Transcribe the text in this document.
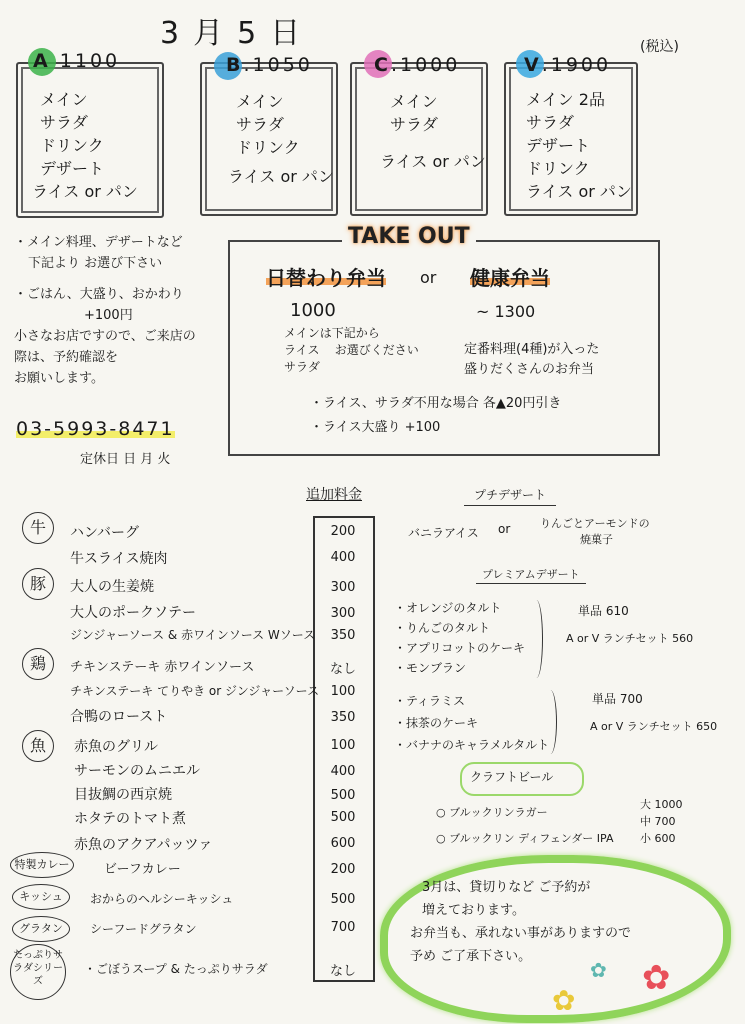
3月5日	(税込)
A 1100
メイン
サラダ
ドリンク
デザート
ライス or パン
B.1050
メイン
サラダ
ドリンク
ライス or パン
C.1000
メイン
サラダ
ライス or パン
V.1900
メイン 2品
サラダ
デザート
ドリンク
ライス or パン
・メイン料理、デザートなど
下記より お選び下さい
・ごはん、大盛り、おかわり
+100円
小さなお店ですので、ご来店の
際は、予約確認を
お願いします。
03-5993-8471
定休日 日 月 火
TAKE OUT
日替わり弁当 or 健康弁当
1000	~ 1300
メインは下記から
ライス お選びください
サラダ
定番料理(4種)が入った
盛りだくさんのお弁当
・ライス、サラダ不用な場合 各▲20円引き
・ライス大盛り +100
追加料金
牛
豚
鶏
魚
特製カレー
キッシュ
グラタン
たっぷりサラダシリーズ
ハンバーグ	200
牛スライス焼肉	400
大人の生姜焼	300
大人のポークソテー	300
ジンジャーソース & 赤ワインソース Wソース	350
チキンステーキ 赤ワインソース	なし
チキンステーキ てりやき or ジンジャーソース 100
合鴨のロースト	350
赤魚のグリル	100
サーモンのムニエル	400
目抜鯛の西京焼	500
ホタテのトマト煮	500
赤魚のアクアパッツァ	600
ビーフカレー	200
おからのヘルシーキッシュ	500
シーフードグラタン	700
・ごぼうスープ & たっぷりサラダ	なし
プチデザート
バニラアイス or	りんごとアーモンドの
焼菓子
プレミアムデザート
・オレンジのタルト
・りんごのタルト
・アプリコットのケーキ
・モンブラン
単品 610
A or V ランチセット 560
・ティラミス
・抹茶のケーキ
・バナナのキャラメルタルト
単品 700
A or V ランチセット 650
クラフトビール
○ ブルックリンラガー
○ ブルックリン ディフェンダー IPA
大 1000
中 700
小 600
3月は、貸切りなど ご予約が
増えております。
お弁当も、承れない事がありますので
予め ご了承下さい。
✿
✿
✿
